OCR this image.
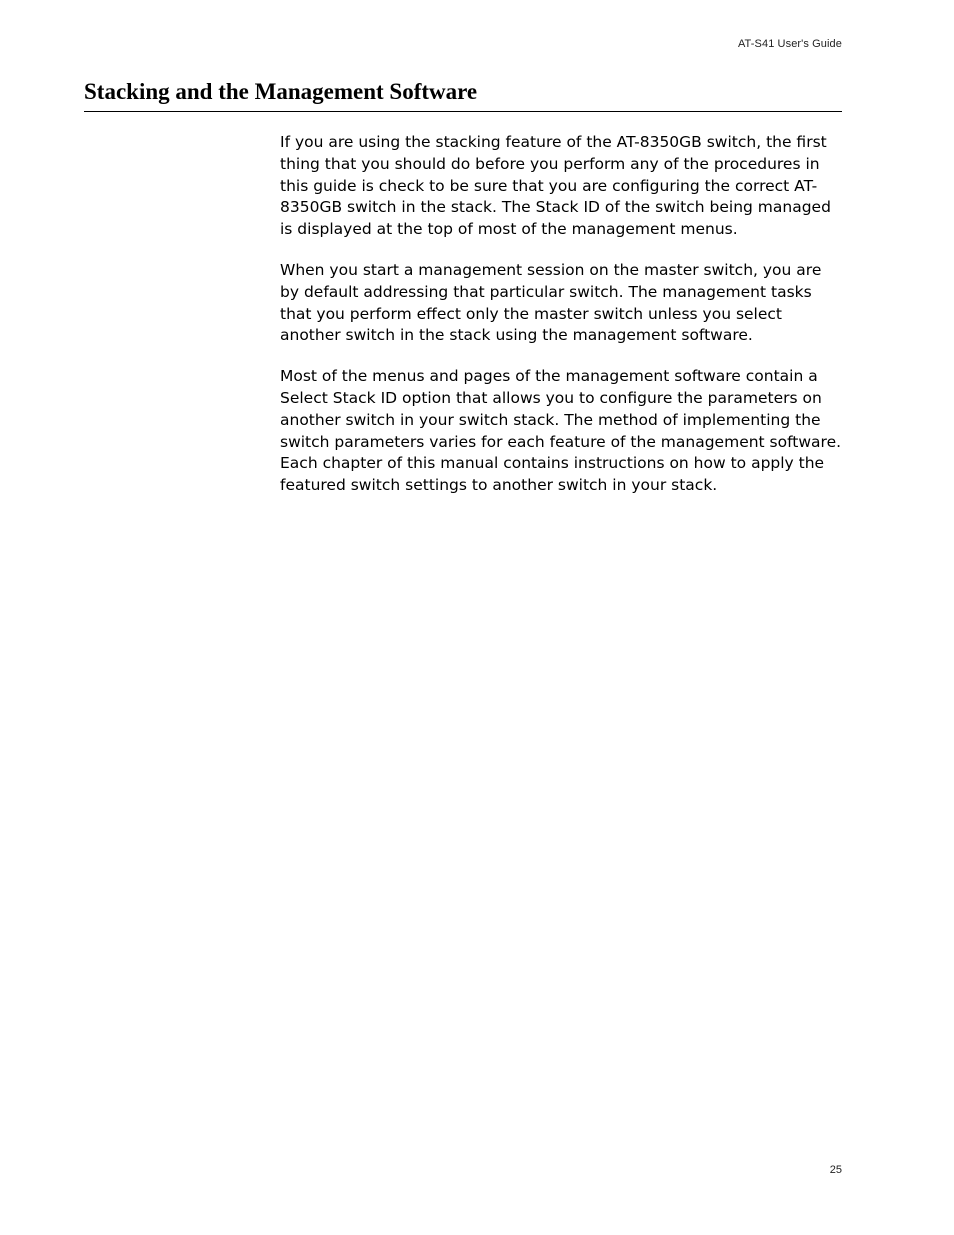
AT-S41 User's Guide
Stacking and the Management Software

If you are using the stacking feature of the AT-8350GB switch, the first thing that you should do before you perform any of the procedures in this guide is check to be sure that you are configuring the correct AT-8350GB switch in the stack. The Stack ID of the switch being managed is displayed at the top of most of the management menus.

When you start a management session on the master switch, you are by default addressing that particular switch. The management tasks that you perform effect only the master switch unless you select another switch in the stack using the management software.

Most of the menus and pages of the management software contain a Select Stack ID option that allows you to configure the parameters on another switch in your switch stack. The method of implementing the switch parameters varies for each feature of the management software. Each chapter of this manual contains instructions on how to apply the featured switch settings to another switch in your stack.

25
